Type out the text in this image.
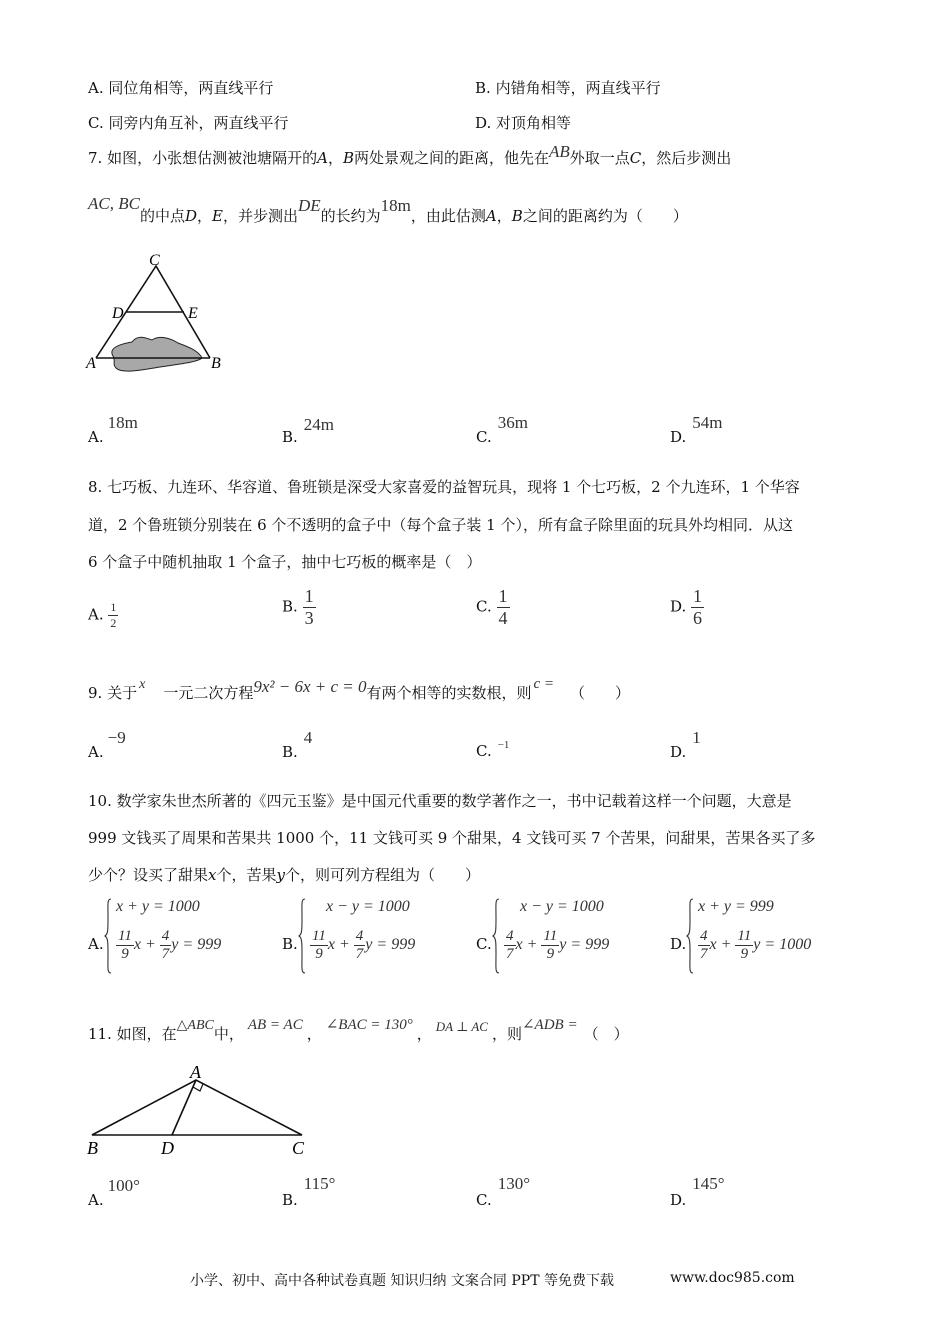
A. 同位角相等，两直线平行	B. 内错角相等，两直线平行
C. 同旁内角互补，两直线平行	D. 对顶角相等
7. 如图，小张想估测被池塘隔开的A，B两处景观之间的距离，他先在AB外取一点C，然后步测出
AC, BC的中点D，E，并步测出DE的长约为18m，由此估测A，B之间的距离约为（　　）
C
D	E
A	B
A.18m
B.24m
C.36m
D.54m
8. 七巧板、九连环、华容道、鲁班锁是深受大家喜爱的益智玩具，现将 1 个七巧板，2 个九连环，1 个华容
道，2 个鲁班锁分别装在 6 个不透明的盒子中（每个盒子装 1 个），所有盒子除里面的玩具外均相同．从这
6 个盒子中随机抽取 1 个盒子，抽中七巧板的概率是（　）
A. $\frac{1}{2}$	B. $\frac{1}{3}$	C. $\frac{1}{4}$	D. $\frac{1}{6}$
9. 关于 x 一元二次方程9x² − 6x + c = 0有两个相等的实数根，则 c = （　　）
A.−9
B.4
C. $^{-1}$	D.1
10. 数学家朱世杰所著的《四元玉鉴》是中国元代重要的数学著作之一，书中记载着这样一个问题，大意是
999 文钱买了周果和苦果共 1000 个，11 文钱可买 9 个甜果，4 文钱可买 7 个苦果，问甜果，苦果各买了多
少个？设买了甜果x个，苦果y个，则可列方程组为（　　）
A.
x + y = 1000
$\frac{11}{9}$ $x + \frac{4}{7}$ y = 999	B.
x − y = 1000
$\frac{11}{9}$ $x + \frac{4}{7}$ y = 999	C.
x − y = 1000
$\frac{4}{7}$ $x + \frac{11}{9}$ y = 999	D.
x + y = 999
$\frac{4}{7}$ $x + \frac{11}{9}$ y = 1000
11. 如图，在△ABC中， AB = AC ， ∠BAC = 130° ， DA ⊥ AC ，则∠ADB = （　）
A
B	D	C
A.100°
B.115°
C.130°
D.145°
小学、初中、高中各种试卷真题 知识归纳 文案合同 PPT 等免费下载	www.doc985.com
